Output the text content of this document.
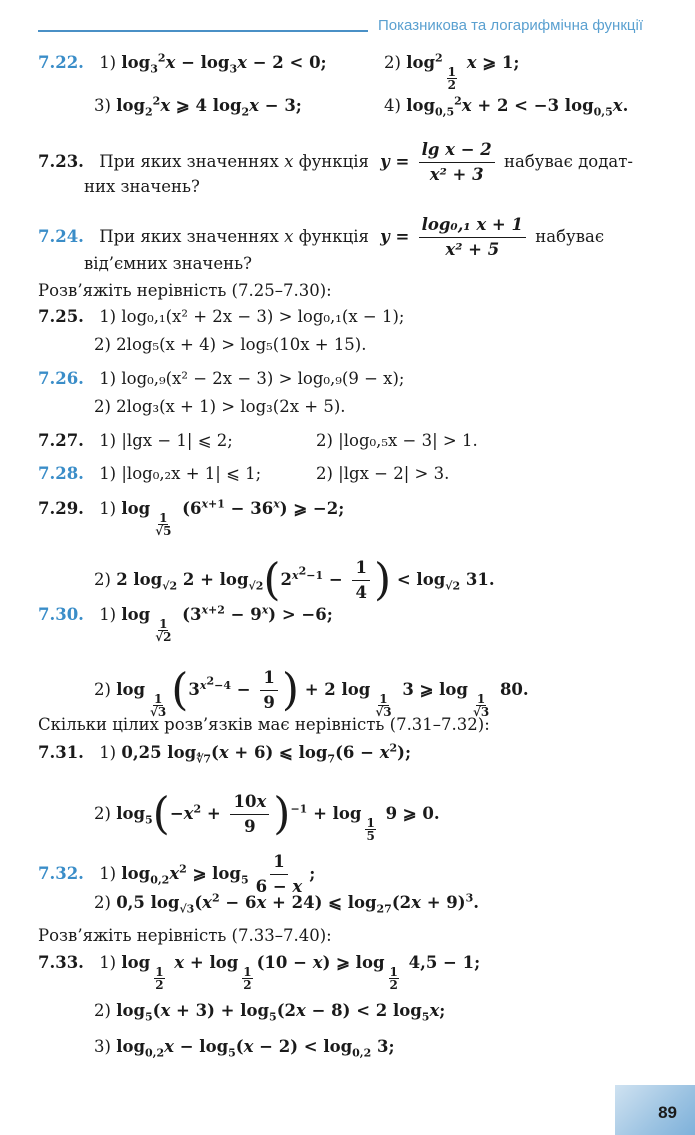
Показникова та логарифмічна функції
7.22. 1) $\log_3^2x - \log_3x - 2 < 0$;	2) $\log^2$
$\frac{1}{2}$
x ⩾ 1;
3) $\log_2^2x$ ⩾ 4 $\log_2x - 3$;	4) $\log_{0,5}^2x + 2 < -3$ $\log_{0,5}x$.
7.23. При яких значеннях x функція $y = \frac{\text{lg x − 2}}{\text{x² + 3}}$ набуває додат-
них значень?
7.24. При яких значеннях x функція $y = \frac{\text{log₀,₁ x + 1}}{\text{x² + 5}}$ набуває
від’ємних значень?
Розв’яжіть нерівність (7.25–7.30):
7.25. 1) log₀,₁(x² + 2x − 3) > log₀,₁(x − 1);
2) 2log₅(x + 4) > log₅(10x + 15).
7.26. 1) log₀,₉(x² − 2x − 3) > log₀,₉(9 − x);
2) 2log₃(x + 1) > log₃(2x + 5).
7.27. 1) |lgx − 1| ⩽ 2;	2) |log₀,₅x − 3| > 1.
7.28. 1) |log₀,₂x + 1| ⩽ 1;	2) |lgx − 2| > 3.
7.29. 1) log
$\frac{1}{√5}$
$(6^{x+1} - 36^x)$ ⩾ −2;
2) 2 $\log_{√2} 2 + \log_{√2}(2^{x^2-1} - \frac{1}{4}$ ) < $\log_{√2} 31$.
7.30. 1) log
$\frac{1}{√2}$
$(3^{x+2} - 9^x) > -6$;
2) log
$\frac{1}{√3} (3^{x^2-4} - \frac{1}{9}$ ) + 2 log
$\frac{1}{√3}$
3 ⩾ log
$\frac{1}{√3}$
80.
Скільки цілих розв’язків має нерівність (7.31–7.32):
7.31. 1) 0,25 $\log_{∜7}(x + 6)$ ⩽ $\log_7(6 - x^2)$;
2) $\log_5(-x^2 + \frac{10x}{9} )^{-1} + \log$
$\frac{1}{5}$
9 ⩾ 0.
7.32. 1) $\log_{0,2}x^2$ ⩾ $\log_5 \frac{1}{6 - x}$ ;
2) 0,5 $\log_{√3}(x^2 - 6x + 24)$ ⩽ $\log_{27}(2x + 9)^3$.
Розв’яжіть нерівність (7.33–7.40):
7.33. 1) log
$\frac{1}{2}$
x + log
$\frac{1}{2}$
(10 − x) ⩾ log
$\frac{1}{2}$
4,5 − 1;
2) $\log_5(x + 3) + \log_5(2x - 8) < 2$ $\log_5x$;
3) $\log_{0,2}x - \log_5(x - 2) < \log_{0,2} 3$;
89
